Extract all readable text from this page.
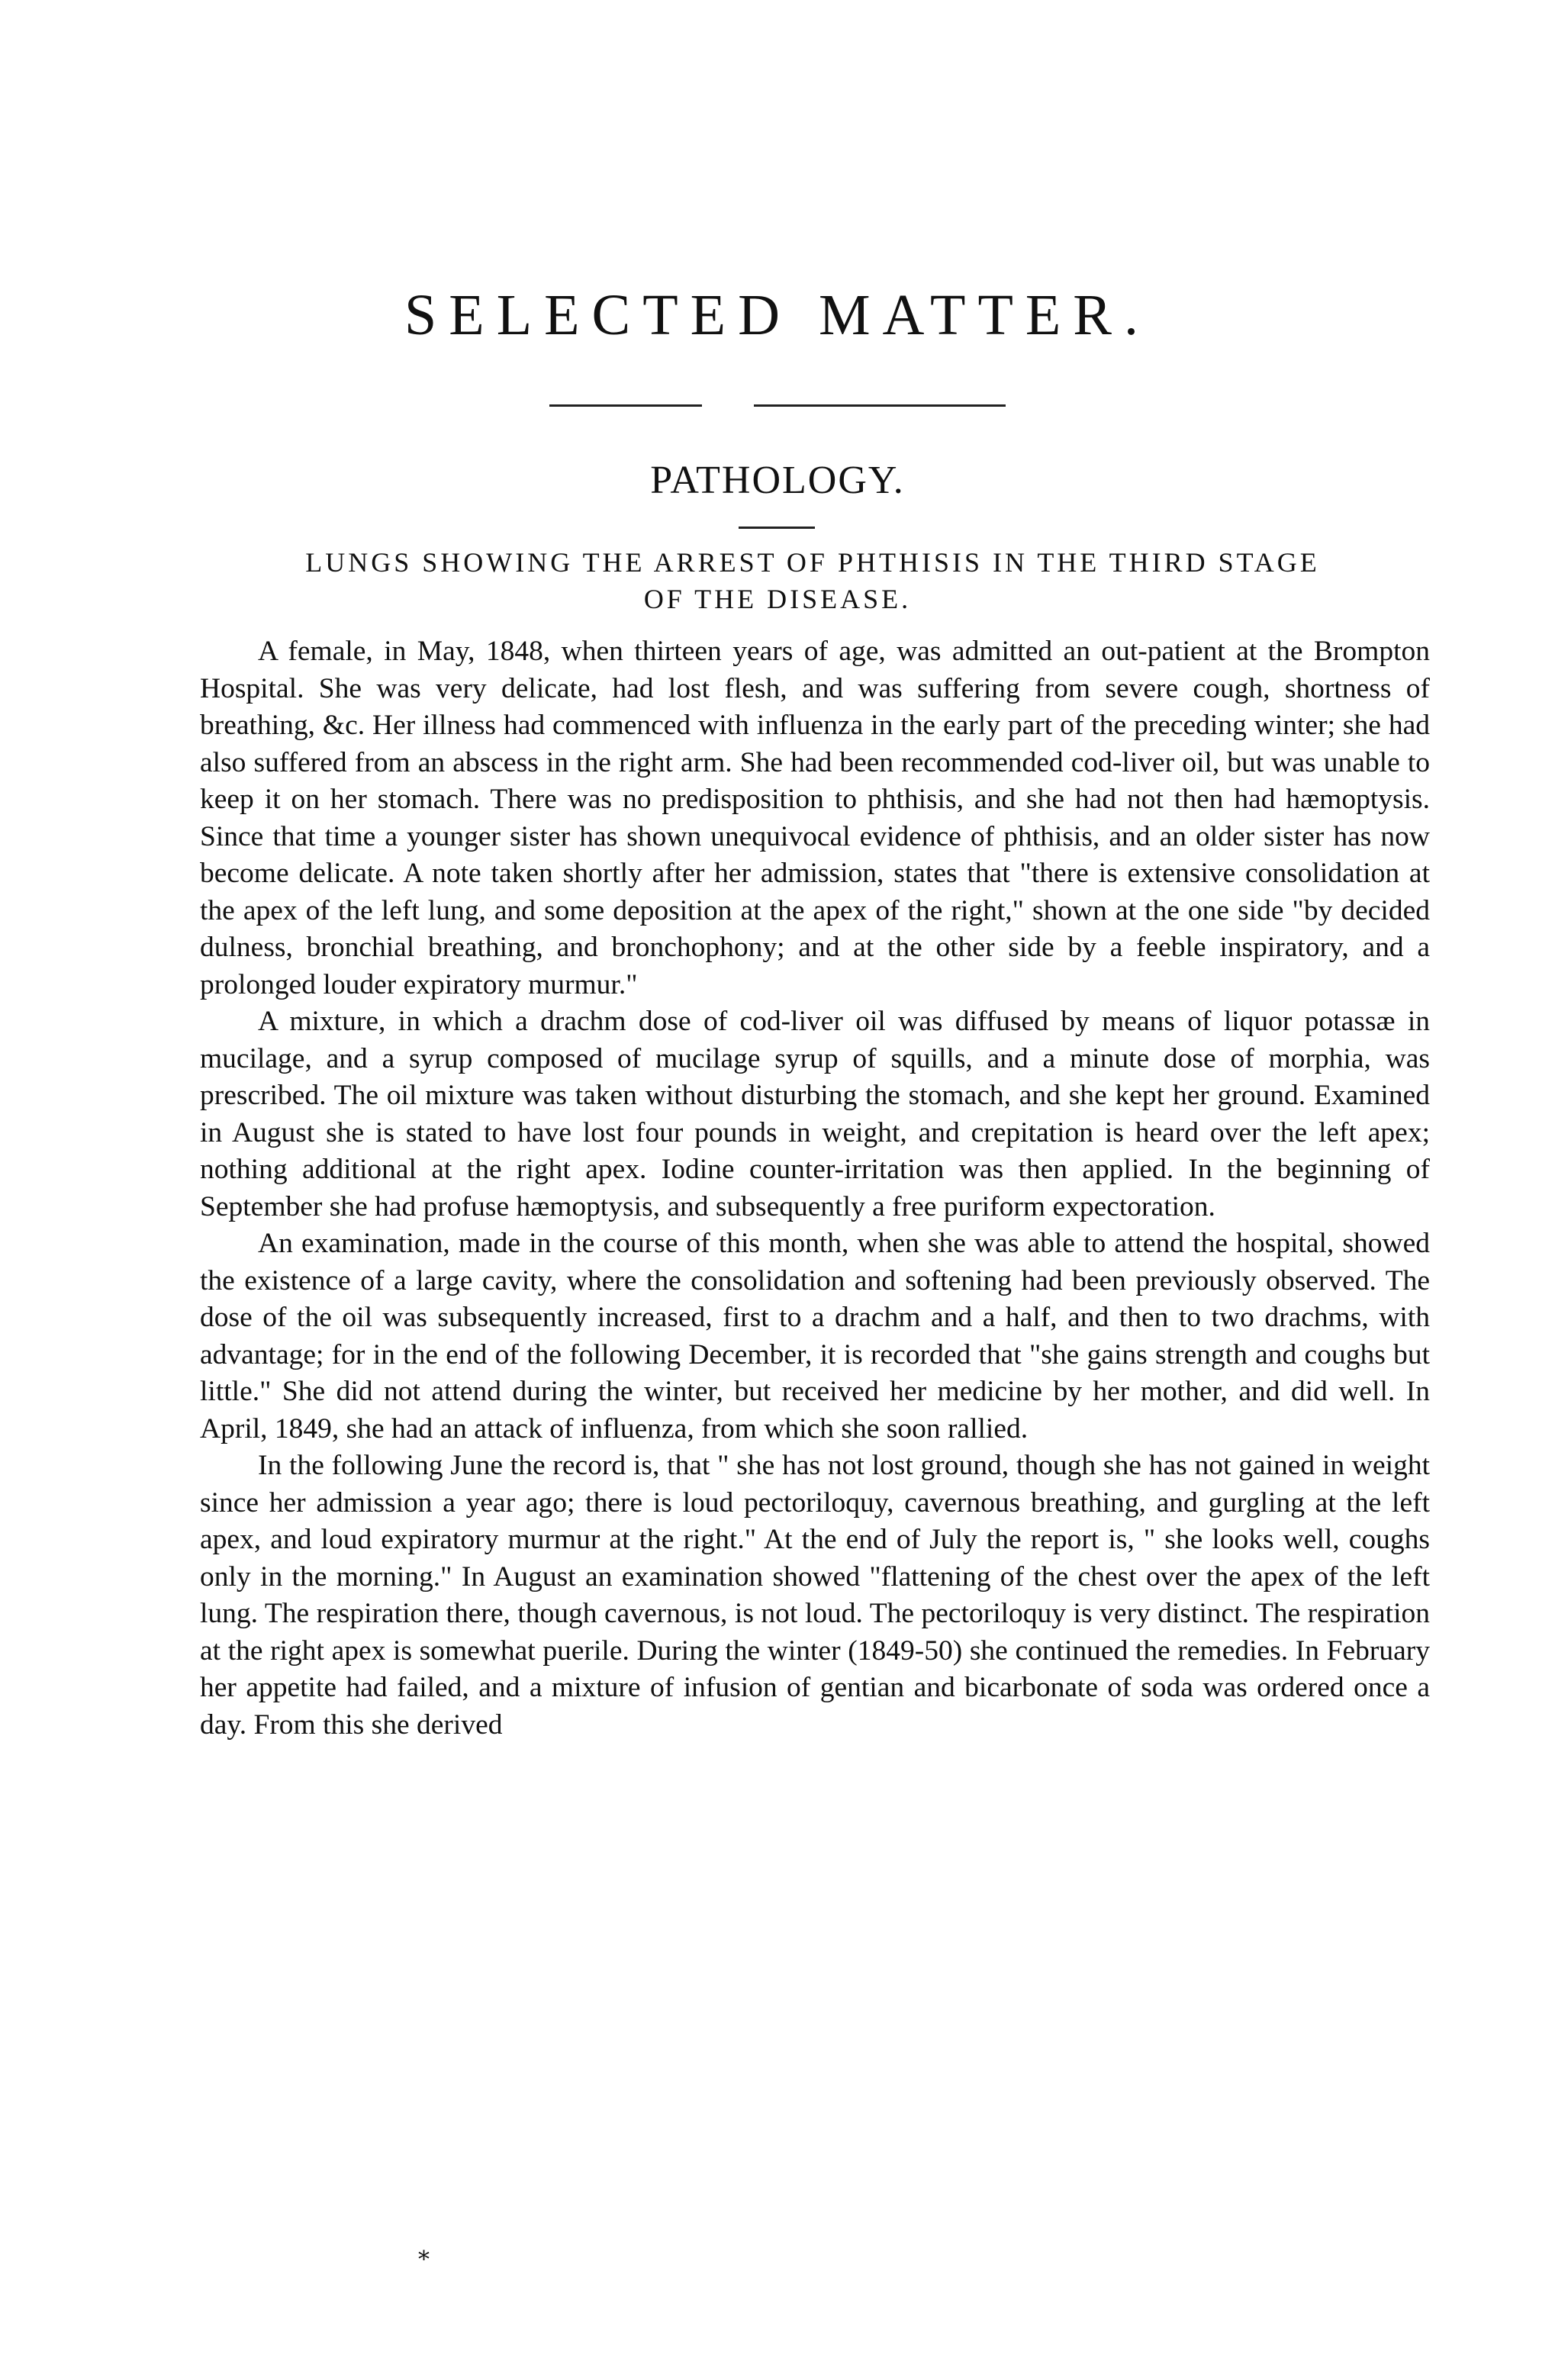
SELECTED MATTER.
PATHOLOGY.
LUNGS SHOWING THE ARREST OF PHTHISIS IN THE THIRD STAGE
OF THE DISEASE.

A female, in May, 1848, when thirteen years of age, was admitted an out-patient at the Brompton Hospital. She was very delicate, had lost flesh, and was suffering from severe cough, shortness of breathing, &c. Her illness had commenced with influenza in the early part of the preceding winter; she had also suffered from an abscess in the right arm. She had been recommended cod-liver oil, but was unable to keep it on her stomach. There was no predisposition to phthisis, and she had not then had hæmoptysis. Since that time a younger sister has shown unequivocal evidence of phthisis, and an older sister has now become delicate. A note taken shortly after her admission, states that "there is extensive consolidation at the apex of the left lung, and some deposition at the apex of the right," shown at the one side "by decided dulness, bronchial breathing, and bronchophony; and at the other side by a feeble inspiratory, and a prolonged louder expiratory murmur."

A mixture, in which a drachm dose of cod-liver oil was diffused by means of liquor potassæ in mucilage, and a syrup composed of mucilage syrup of squills, and a minute dose of morphia, was prescribed. The oil mixture was taken without disturbing the stomach, and she kept her ground. Examined in August she is stated to have lost four pounds in weight, and crepitation is heard over the left apex; nothing additional at the right apex. Iodine counter-irritation was then applied. In the beginning of September she had profuse hæmoptysis, and subsequently a free puriform expectoration.

An examination, made in the course of this month, when she was able to attend the hospital, showed the existence of a large cavity, where the consolidation and softening had been previously observed. The dose of the oil was subsequently increased, first to a drachm and a half, and then to two drachms, with advantage; for in the end of the following December, it is recorded that "she gains strength and coughs but little." She did not attend during the winter, but received her medicine by her mother, and did well. In April, 1849, she had an attack of influenza, from which she soon rallied.

In the following June the record is, that " she has not lost ground, though she has not gained in weight since her admission a year ago; there is loud pectoriloquy, cavernous breathing, and gurgling at the left apex, and loud expiratory murmur at the right." At the end of July the report is, " she looks well, coughs only in the morning." In August an examination showed "flattening of the chest over the apex of the left lung. The respiration there, though cavernous, is not loud. The pectoriloquy is very distinct. The respiration at the right apex is somewhat puerile. During the winter (1849-50) she continued the remedies. In February her appetite had failed, and a mixture of infusion of gentian and bicarbonate of soda was ordered once a day. From this she derived

*
